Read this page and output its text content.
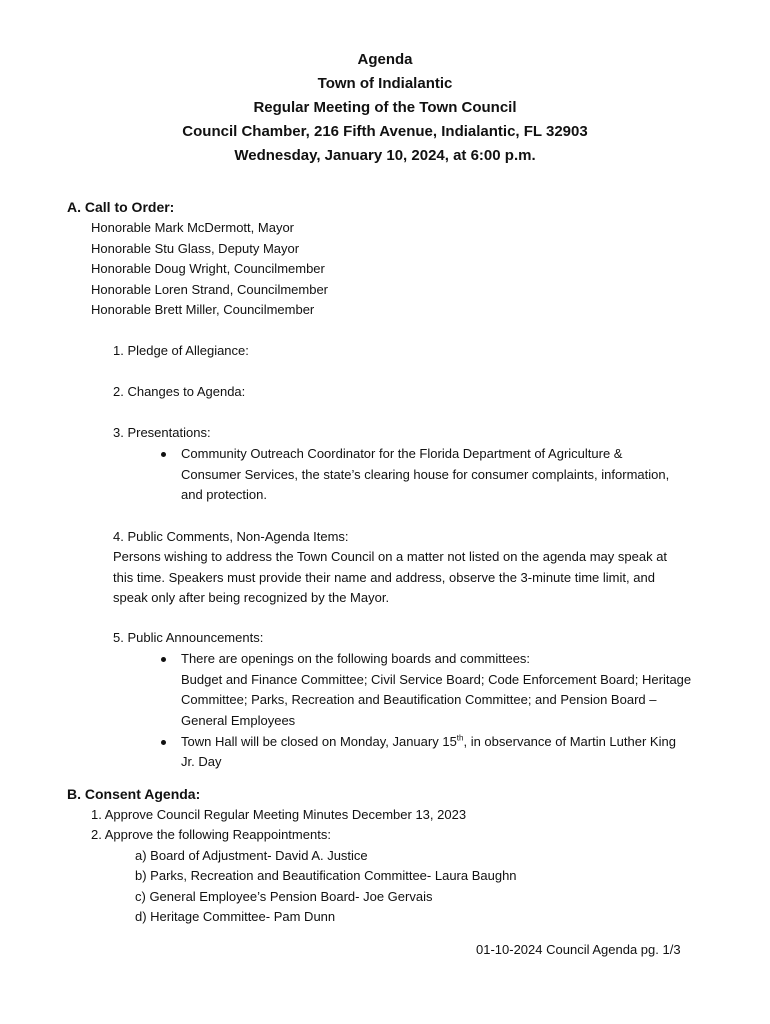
Agenda
Town of Indialantic
Regular Meeting of the Town Council
Council Chamber, 216 Fifth Avenue, Indialantic, FL 32903
Wednesday, January 10, 2024, at 6:00 p.m.
A. Call to Order:
Honorable Mark McDermott, Mayor
Honorable Stu Glass, Deputy Mayor
Honorable Doug Wright, Councilmember
Honorable Loren Strand, Councilmember
Honorable Brett Miller, Councilmember
1. Pledge of Allegiance:
2. Changes to Agenda:
3. Presentations:
Community Outreach Coordinator for the Florida Department of Agriculture &
Consumer Services, the state’s clearing house for consumer complaints, information,
and protection.
4. Public Comments, Non-Agenda Items:
Persons wishing to address the Town Council on a matter not listed on the agenda may speak at
this time. Speakers must provide their name and address, observe the 3-minute time limit, and
speak only after being recognized by the Mayor.
5. Public Announcements:
There are openings on the following boards and committees:
Budget and Finance Committee; Civil Service Board; Code Enforcement Board; Heritage
Committee; Parks, Recreation and Beautification Committee; and Pension Board –
General Employees
Town Hall will be closed on Monday, January 15th, in observance of Martin Luther King
Jr. Day
B. Consent Agenda:
1. Approve Council Regular Meeting Minutes December 13, 2023
2. Approve the following Reappointments:
a) Board of Adjustment- David A. Justice
b) Parks, Recreation and Beautification Committee- Laura Baughn
c) General Employee’s Pension Board- Joe Gervais
d) Heritage Committee- Pam Dunn
01-10-2024 Council Agenda pg. 1/3
